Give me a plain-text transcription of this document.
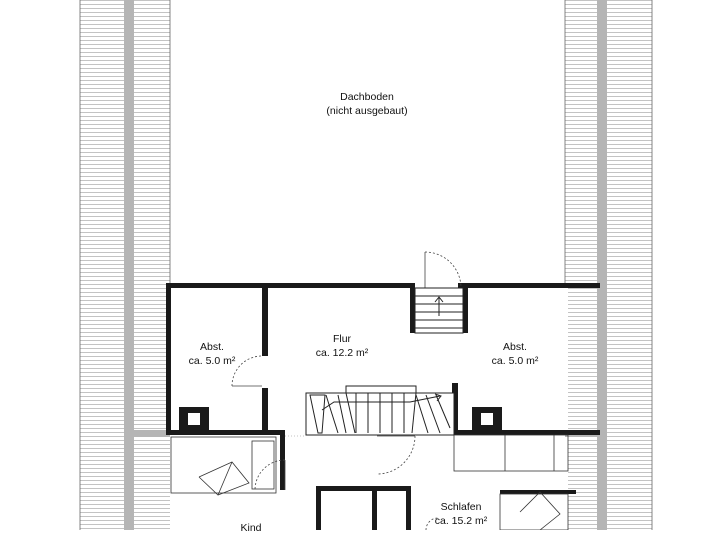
Dachboden
(nicht ausgebaut)
Flur
ca. 12.2 m²
Abst.
ca. 5.0 m²
Abst.
ca. 5.0 m²
Schlafen
ca. 15.2 m²
Kind
